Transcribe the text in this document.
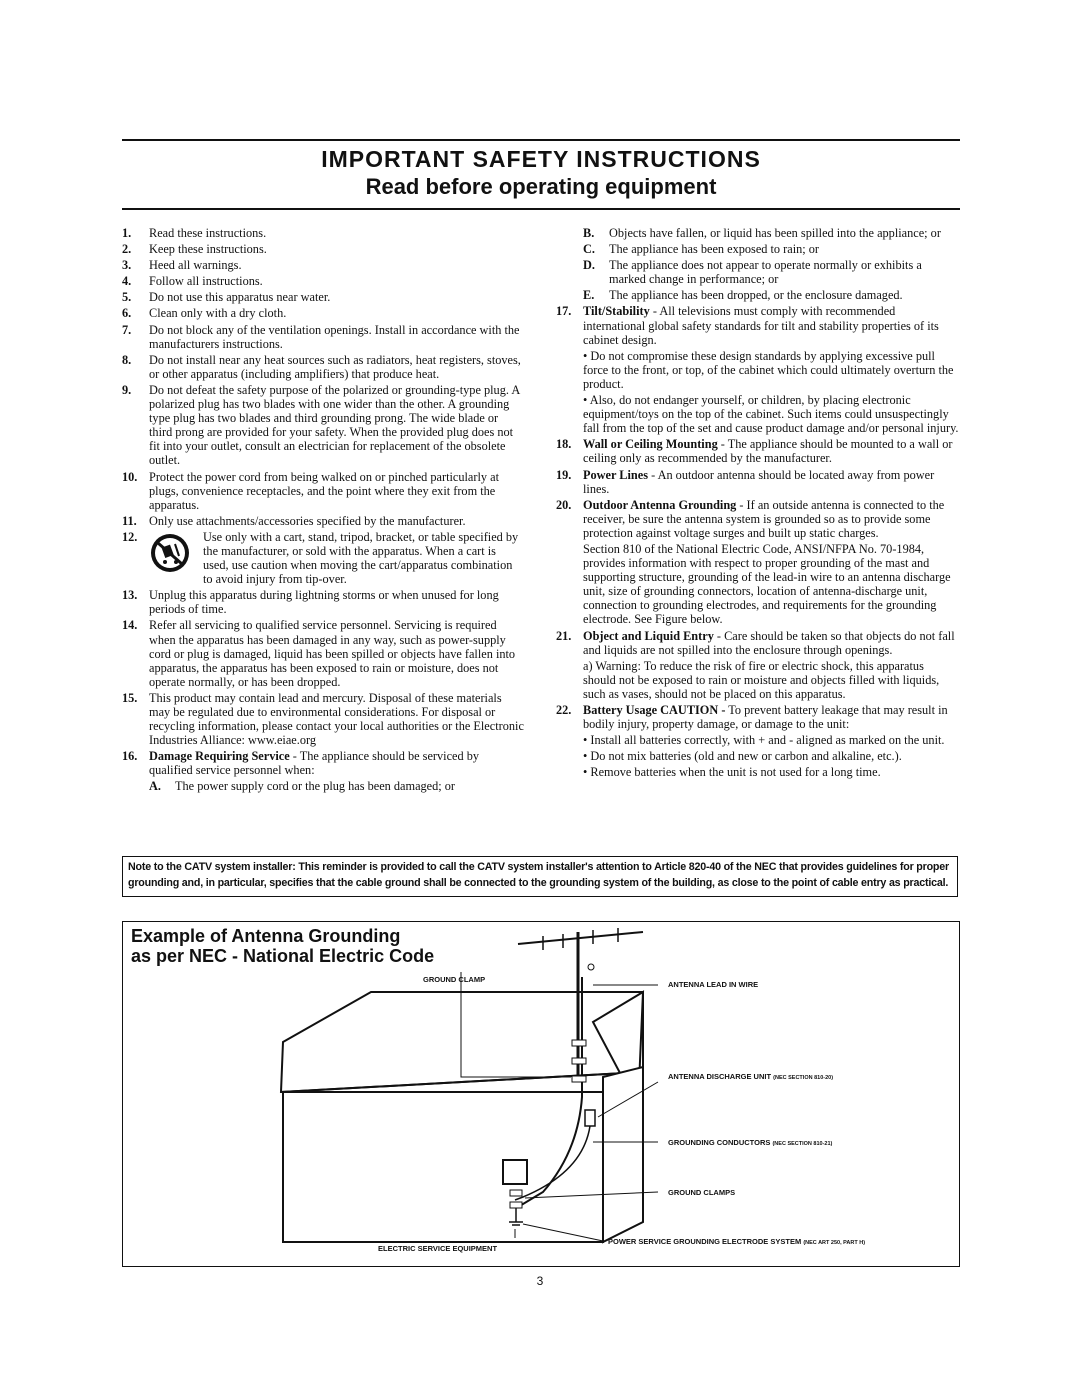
IMPORTANT SAFETY INSTRUCTIONS
Read before operating equipment
1.	Read these instructions.
2.	Keep these instructions.
3.	Heed all warnings.
4.	Follow all instructions.
5.	Do not use this apparatus near water.
6.	Clean only with a dry cloth.
7.	Do not block any of the ventilation openings. Install in accordance with the manufacturers instructions.
8.	Do not install near any heat sources such as radiators, heat registers, stoves, or other apparatus (including amplifiers) that produce heat.
9.	Do not defeat the safety purpose of the polarized or grounding-type plug. A polarized plug has two blades with one wider than the other. A grounding type plug has two blades and third grounding prong. The wide blade or third prong are provided for your safety. When the provided plug does not fit into your outlet, consult an electrician for replacement of the obsolete outlet.
10. Protect the power cord from being walked on or pinched particularly at plugs, convenience receptacles, and the point where they exit from the apparatus.
11. Only use attachments/accessories specified by the manufacturer.
12.	Use only with a cart, stand, tripod, bracket, or table specified by the manufacturer, or sold with the apparatus. When a cart is used, use caution when moving the cart/apparatus combination to avoid injury from tip-over.
13. Unplug this apparatus during lightning storms or when unused for long periods of time.
14. Refer all servicing to qualified service personnel. Servicing is required when the apparatus has been damaged in any way, such as power-supply cord or plug is damaged, liquid has been spilled or objects have fallen into apparatus, the apparatus has been exposed to rain or moisture, does not operate normally, or has been dropped.
15. This product may contain lead and mercury. Disposal of these materials may be regulated due to environmental considerations. For disposal or recycling information, please contact your local authorities or the Electronic Industries Alliance: www.eiae.org
16. Damage Requiring Service - The appliance should be serviced by qualified service personnel when:
A.	The power supply cord or the plug has been damaged; or
B.	Objects have fallen, or liquid has been spilled into the appliance; or
C.	The appliance has been exposed to rain; or
D.	The appliance does not appear to operate normally or exhibits a marked change in performance; or
E.	The appliance has been dropped, or the enclosure damaged.
17. Tilt/Stability - All televisions must comply with recommended international global safety standards for tilt and stability properties of its cabinet design.
• Do not compromise these design standards by applying excessive pull force to the front, or top, of the cabinet which could ultimately overturn the product.
• Also, do not endanger yourself, or children, by placing electronic equipment/toys on the top of the cabinet. Such items could unsuspectingly fall from the top of the set and cause product damage and/or personal injury.
18. Wall or Ceiling Mounting - The appliance should be mounted to a wall or ceiling only as recommended by the manufacturer.
19. Power Lines - An outdoor antenna should be located away from power lines.
20. Outdoor Antenna Grounding - If an outside antenna is connected to the receiver, be sure the antenna system is grounded so as to provide some protection against voltage surges and built up static charges.
Section 810 of the National Electric Code, ANSI/NFPA No. 70-1984, provides information with respect to proper grounding of the mast and supporting structure, grounding of the lead-in wire to an antenna discharge unit, size of grounding connectors, location of antenna-discharge unit, connection to grounding electrodes, and requirements for the grounding electrode. See Figure below.
21. Object and Liquid Entry - Care should be taken so that objects do not fall and liquids are not spilled into the enclosure through openings.
a) Warning: To reduce the risk of fire or electric shock, this apparatus should not be exposed to rain or moisture and objects filled with liquids, such as vases, should not be placed on this apparatus.
22. Battery Usage CAUTION - To prevent battery leakage that may result in bodily injury, property damage, or damage to the unit:
• Install all batteries correctly, with + and - aligned as marked on the unit.
• Do not mix batteries (old and new or carbon and alkaline, etc.).
• Remove batteries when the unit is not used for a long time.
Note to the CATV system installer: This reminder is provided to call the CATV system installer's attention to Article 820-40 of the NEC that provides guidelines for proper grounding and, in particular, specifies that the cable ground shall be connected to the grounding system of the building, as close to the point of cable entry as practical.
Example of Antenna Grounding
as per NEC - National Electric Code
GROUND CLAMP
ANTENNA LEAD IN WIRE
ANTENNA DISCHARGE UNIT (NEC SECTION 810-20)
GROUNDING CONDUCTORS (NEC SECTION 810-21)
GROUND CLAMPS
ELECTRIC SERVICE EQUIPMENT
POWER SERVICE GROUNDING ELECTRODE SYSTEM (NEC ART 250, PART H)
3
